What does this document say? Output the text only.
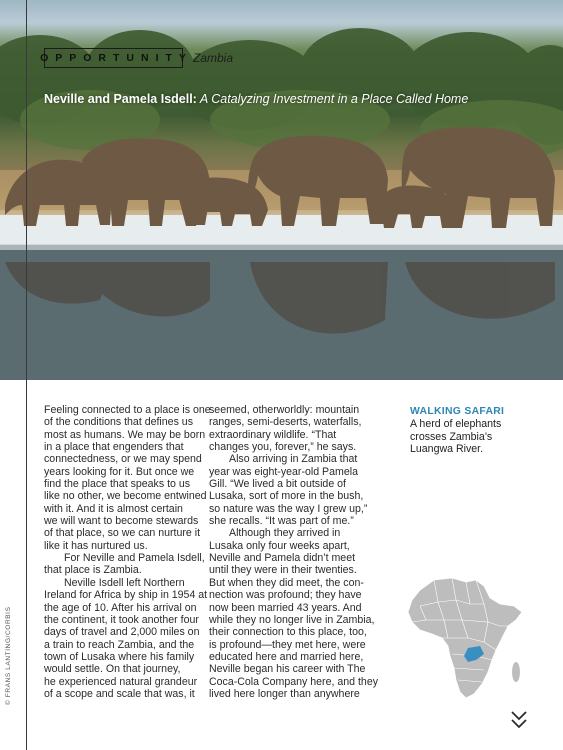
OPPORTUNITY Zambia
Neville and Pamela Isdell: A Catalyzing Investment in a Place Called Home
© FRANS LANTING/CORBIS

Feeling connected to a place is one

of the conditions that defines us

most as humans. We may be born

in a place that engenders that

connectedness, or we may spend

years looking for it. But once we

find the place that speaks to us

like no other, we become entwined

with it. And it is almost certain

we will want to become stewards

of that place, so we can nurture it

like it has nurtured us.

For Neville and Pamela Isdell,

that place is Zambia.

Neville Isdell left Northern

Ireland for Africa by ship in 1954 at

the age of 10. After his arrival on

the continent, it took another four

days of travel and 2,000 miles on

a train to reach Zambia, and the

town of Lusaka where his family

would settle. On that journey,

he experienced natural grandeur

of a scope and scale that was, it

seemed, otherworldly: mountain

ranges, semi-deserts, waterfalls,

extraordinary wildlife. “That

changes you, forever,” he says.

Also arriving in Zambia that

year was eight-year-old Pamela

Gill. “We lived a bit outside of

Lusaka, sort of more in the bush,

so nature was the way I grew up,”

she recalls. “It was part of me.”

Although they arrived in

Lusaka only four weeks apart,

Neville and Pamela didn’t meet

until they were in their twenties.

But when they did meet, the con-

nection was profound; they have

now been married 43 years. And

while they no longer live in Zambia,

their connection to this place, too,

is profound—they met here, were

educated here and married here,

Neville began his career with The

Coca-Cola Company here, and they

lived here longer than anywhere

WALKING SAFARI
A herd of elephants crosses Zambia’s Luangwa River.
